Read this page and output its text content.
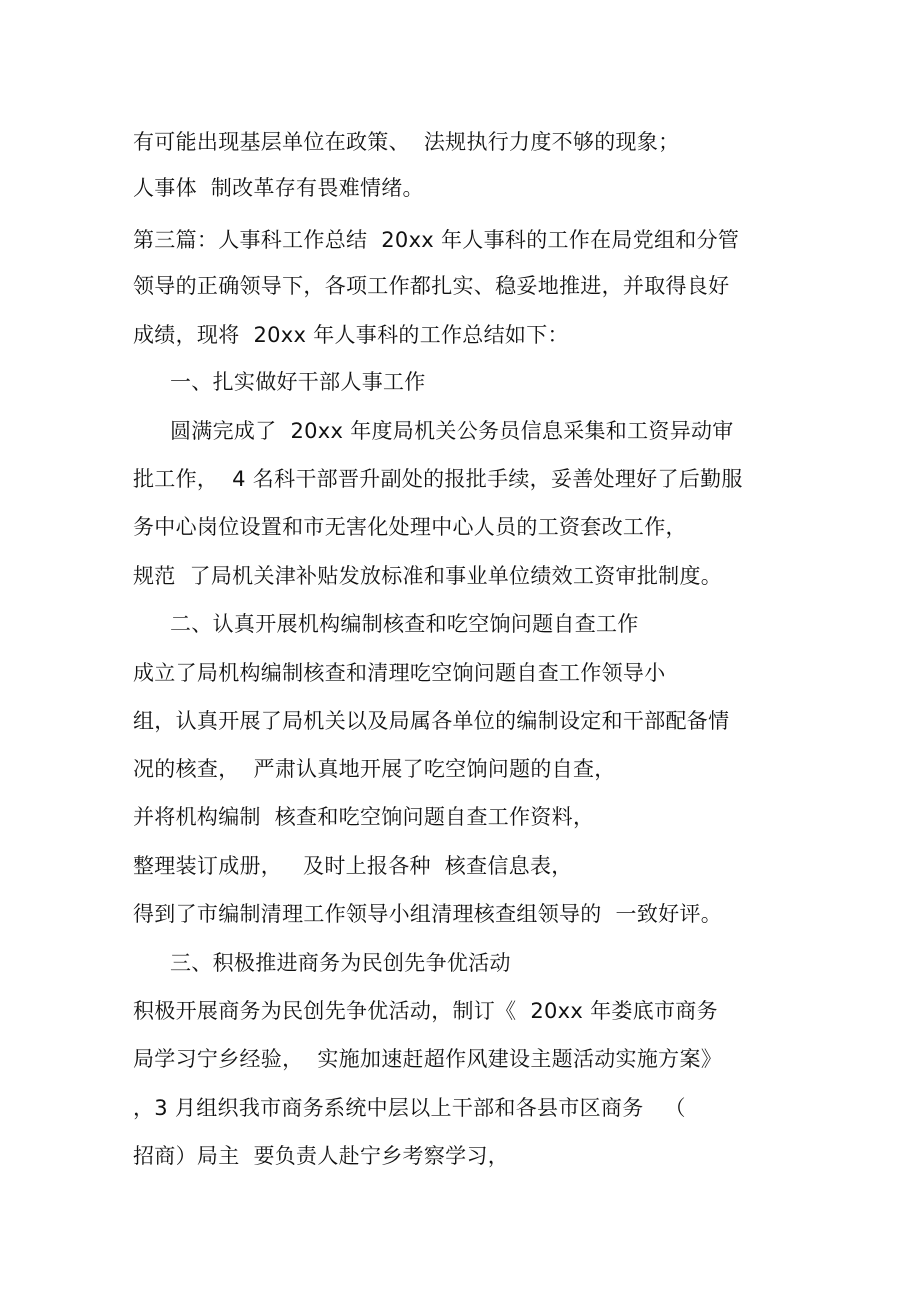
有可能出现基层单位在政策、  法规执行力度不够的现象；

人事体  制改革存有畏难情绪。

第三篇：人事科工作总结  20xx 年人事科的工作在局党组和分管

领导的正确领导下，各项工作都扎实、稳妥地推进，并取得良好

成绩，现将  20xx 年人事科的工作总结如下：

一、扎实做好干部人事工作

圆满完成了  20xx 年度局机关公务员信息采集和工资异动审

批工作，  4 名科干部晋升副处的报批手续，妥善处理好了后勤服

务中心岗位设置和市无害化处理中心人员的工资套改工作，

规范  了局机关津补贴发放标准和事业单位绩效工资审批制度。

二、认真开展机构编制核查和吃空饷问题自查工作

成立了局机构编制核查和清理吃空饷问题自查工作领导小

组，认真开展了局机关以及局属各单位的编制设定和干部配备情

况的核查，  严肃认真地开展了吃空饷问题的自查，

并将机构编制  核查和吃空饷问题自查工作资料，

整理装订成册，   及时上报各种  核查信息表，

得到了市编制清理工作领导小组清理核查组领导的  一致好评。

三、积极推进商务为民创先争优活动

积极开展商务为民创先争优活动，制订《  20xx 年娄底市商务

局学习宁乡经验，  实施加速赶超作风建设主题活动实施方案》

，3 月组织我市商务系统中层以上干部和各县市区商务   （

招商）局主  要负责人赴宁乡考察学习，
